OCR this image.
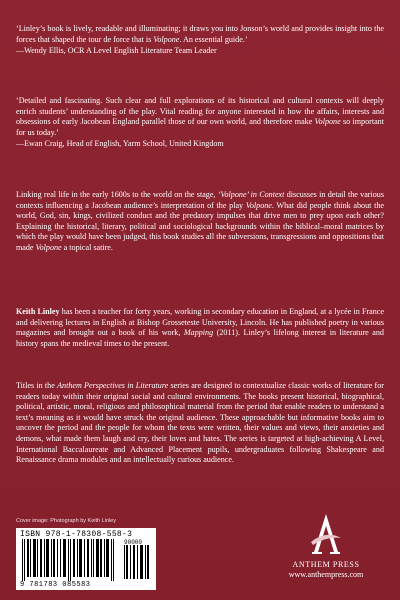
‘Linley’s book is lively, readable and illuminating; it draws you into Jonson’s world and provides insight into the forces that shaped the tour de force that is Volpone. An essential guide.’

—Wendy Ellis, OCR A Level English Literature Team Leader

‘Detailed and fascinating. Such clear and full explorations of its historical and cultural contexts will deeply enrich students’ understanding of the play. Vital reading for anyone interested in how the affairs, interests and obsessions of early Jacobean England parallel those of our own world, and therefore make Volpone so important for us today.’

—Ewan Craig, Head of English, Yarm School, United Kingdom

Linking real life in the early 1600s to the world on the stage, ‘Volpone’ in Context discusses in detail the various contexts influencing a Jacobean audience’s interpretation of the play Volpone. What did people think about the world, God, sin, kings, civilized conduct and the predatory impulses that drive men to prey upon each other? Explaining the historical, literary, political and sociological backgrounds within the biblical–moral matrices by which the play would have been judged, this book studies all the subversions, transgressions and oppositions that made Volpone a topical satire.

Keith Linley has been a teacher for forty years, working in secondary education in England, at a lycée in France and delivering lectures in English at Bishop Grosseteste University, Lincoln. He has published poetry in various magazines and brought out a book of his work, Mapping (2011). Linley’s lifelong interest in literature and history spans the medieval times to the present.

Titles in the Anthem Perspectives in Literature series are designed to contextualize classic works of literature for readers today within their original social and cultural environments. The books present historical, biographical, political, artistic, moral, religious and philosophical material from the period that enable readers to understand a text’s meaning as it would have struck the original audience. These approachable but informative books aim to uncover the period and the people for whom the texts were written, their values and views, their anxieties and demons, what made them laugh and cry, their loves and hates. The series is targeted at high-achieving A Level, International Baccalaureate and Advanced Placement pupils, undergraduates following Shakespeare and Renaissance drama modules and an intellectually curious audience.

Cover image: Photograph by Keith Linley
ISBN 978-1-78308-558-3
90000
9 781783 085583
ANTHEM PRESS
www.anthempress.com
